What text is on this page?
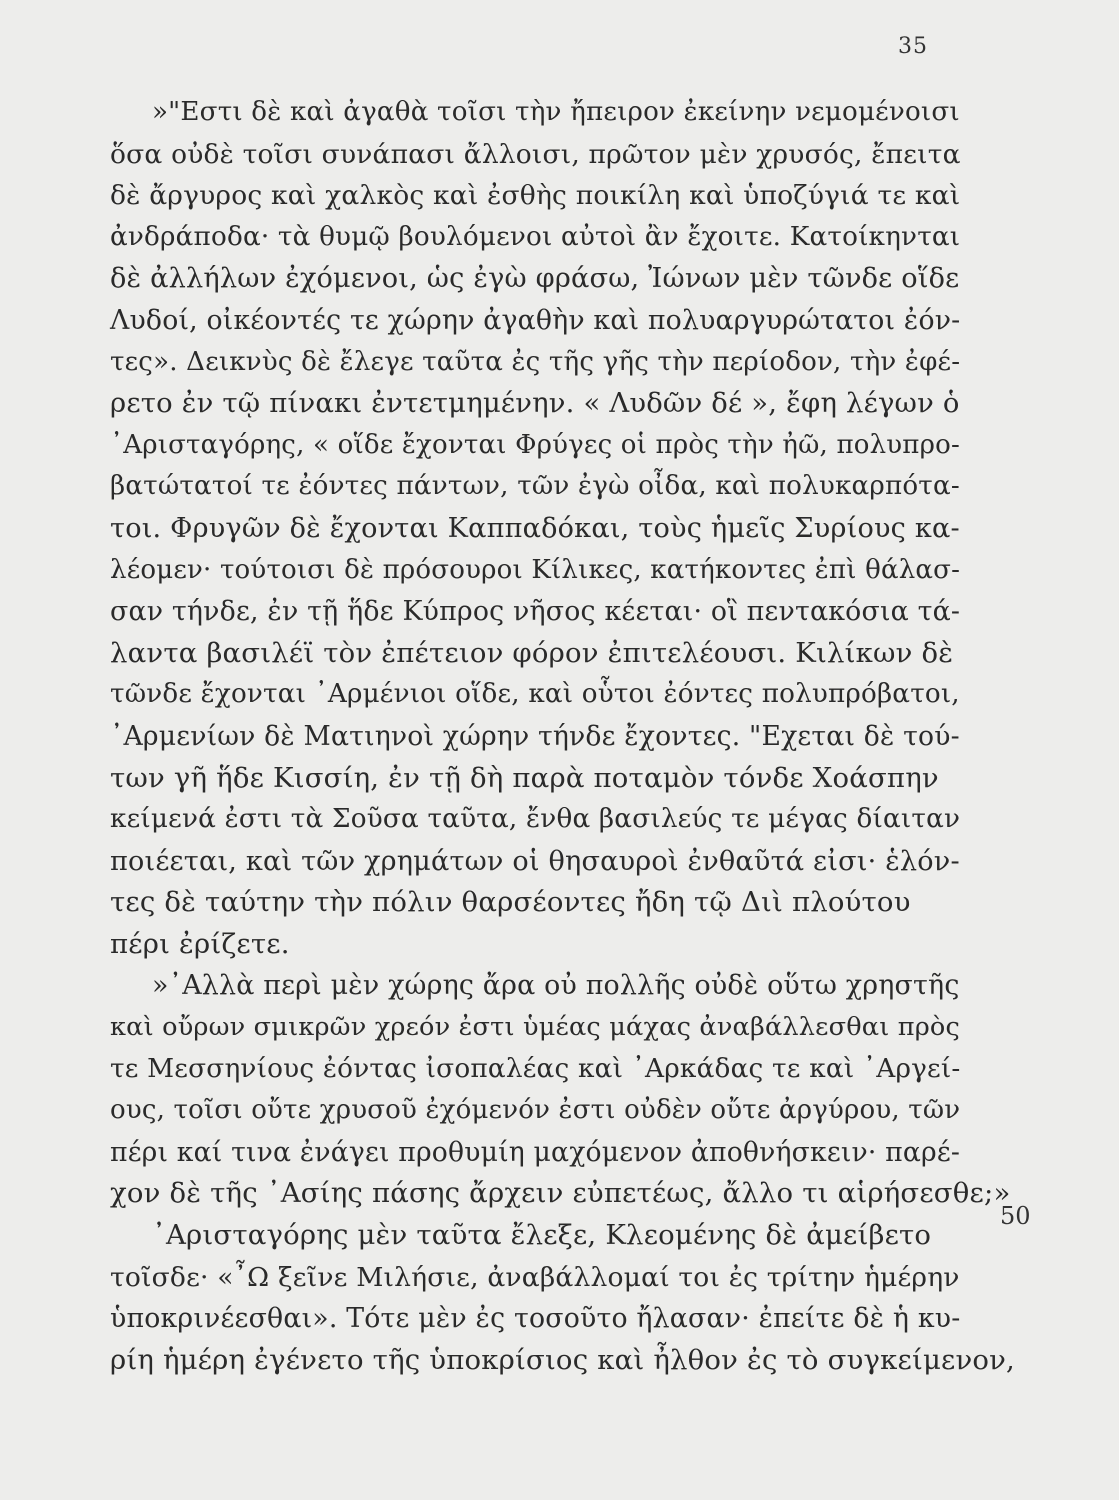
35
50
»"Εστι δὲ καὶ ἀγαθὰ τοῖσι τὴν ἤπειρον ἐκείνην νεμομένοισι
ὅσα οὐδὲ τοῖσι συνάπασι ἄλλοισι, πρῶτον μὲν χρυσός, ἔπειτα
δὲ ἄργυρος καὶ χαλκὸς καὶ ἐσθὴς ποικίλη καὶ ὑποζύγιά τε καὶ
ἀνδράποδα· τὰ θυμῷ βουλόμενοι αὐτοὶ ἂν ἔχοιτε. Κατοίκηνται
δὲ ἀλλήλων ἐχόμενοι, ὡς ἐγὼ φράσω, Ἰώνων μὲν τῶνδε οἵδε
Λυδοί, οἰκέοντές τε χώρην ἀγαθὴν καὶ πολυαργυρώτατοι ἐόν-
τες». Δεικνὺς δὲ ἔλεγε ταῦτα ἐς τῆς γῆς τὴν περίοδον, τὴν ἐφέ-
ρετο ἐν τῷ πίνακι ἐντετμημένην. « Λυδῶν δέ », ἔφη λέγων ὁ
᾿Αρισταγόρης, « οἵδε ἔχονται Φρύγες οἱ πρὸς τὴν ἠῶ, πολυπρο-
βατώτατοί τε ἐόντες πάντων, τῶν ἐγὼ οἶδα, καὶ πολυκαρπότα-
τοι. Φρυγῶν δὲ ἔχονται Καππαδόκαι, τοὺς ἡμεῖς Συρίους κα-
λέομεν· τούτοισι δὲ πρόσουροι Κίλικες, κατήκοντες ἐπὶ θάλασ-
σαν τήνδε, ἐν τῇ ἥδε Κύπρος νῆσος κέεται· οἳ πεντακόσια τά-
λαντα βασιλέϊ τὸν ἐπέτειον φόρον ἐπιτελέουσι. Κιλίκων δὲ
τῶνδε ἔχονται ᾿Αρμένιοι οἵδε, καὶ οὗτοι ἐόντες πολυπρόβατοι,
᾿Αρμενίων δὲ Ματιηνοὶ χώρην τήνδε ἔχοντες. "Εχεται δὲ τού-
των γῆ ἥδε Κισσίη, ἐν τῇ δὴ παρὰ ποταμὸν τόνδε Χοάσπην
κείμενά ἐστι τὰ Σοῦσα ταῦτα, ἔνθα βασιλεύς τε μέγας δίαιταν
ποιέεται, καὶ τῶν χρημάτων οἱ θησαυροὶ ἐνθαῦτά εἰσι· ἑλόν-
τες δὲ ταύτην τὴν πόλιν θαρσέοντες ἤδη τῷ Διὶ πλούτου
πέρι ἐρίζετε.
»᾿Αλλὰ περὶ μὲν χώρης ἄρα οὐ πολλῆς οὐδὲ οὕτω χρηστῆς
καὶ οὔρων σμικρῶν χρεόν ἐστι ὑμέας μάχας ἀναβάλλεσθαι πρὸς
τε Μεσσηνίους ἐόντας ἰσοπαλέας καὶ ᾿Αρκάδας τε καὶ ᾿Αργεί-
ους, τοῖσι οὔτε χρυσοῦ ἐχόμενόν ἐστι οὐδὲν οὔτε ἀργύρου, τῶν
πέρι καί τινα ἐνάγει προθυμίη μαχόμενον ἀποθνήσκειν· παρέ-
χον δὲ τῆς ᾿Ασίης πάσης ἄρχειν εὐπετέως, ἄλλο τι αἱρήσεσθε;»
᾿Αρισταγόρης μὲν ταῦτα ἔλεξε, Κλεομένης δὲ ἀμείβετο
τοῖσδε· «῏Ω ξεῖνε Μιλήσιε, ἀναβάλλομαί τοι ἐς τρίτην ἡμέρην
ὑποκρινέεσθαι». Τότε μὲν ἐς τοσοῦτο ἤλασαν· ἐπείτε δὲ ἡ κυ-
ρίη ἡμέρη ἐγένετο τῆς ὑποκρίσιος καὶ ἦλθον ἐς τὸ συγκείμενον,
